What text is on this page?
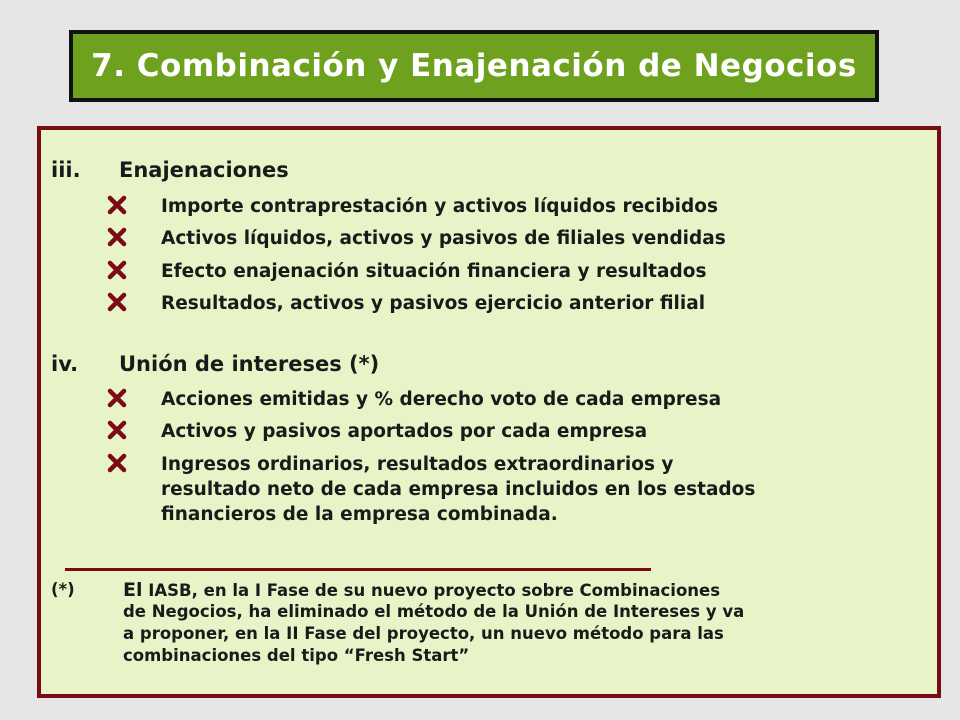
7. Combinación y Enajenación de Negocios
iii. Enajenaciones
Importe contraprestación y activos líquidos recibidos
Activos líquidos, activos y pasivos de filiales vendidas
Efecto enajenación situación financiera y resultados
Resultados, activos y pasivos ejercicio anterior filial
iv. Unión de intereses (*)
Acciones emitidas y % derecho voto de cada empresa
Activos y pasivos aportados por cada empresa
Ingresos ordinarios, resultados extraordinarios y
resultado neto de cada empresa incluidos en los estados
financieros de la empresa combinada.
(*)	El IASB, en la I Fase de su nuevo proyecto sobre Combinaciones
de Negocios, ha eliminado el método de la Unión de Intereses y va
a proponer, en la II Fase del proyecto, un nuevo método para las
combinaciones del tipo “Fresh Start”
